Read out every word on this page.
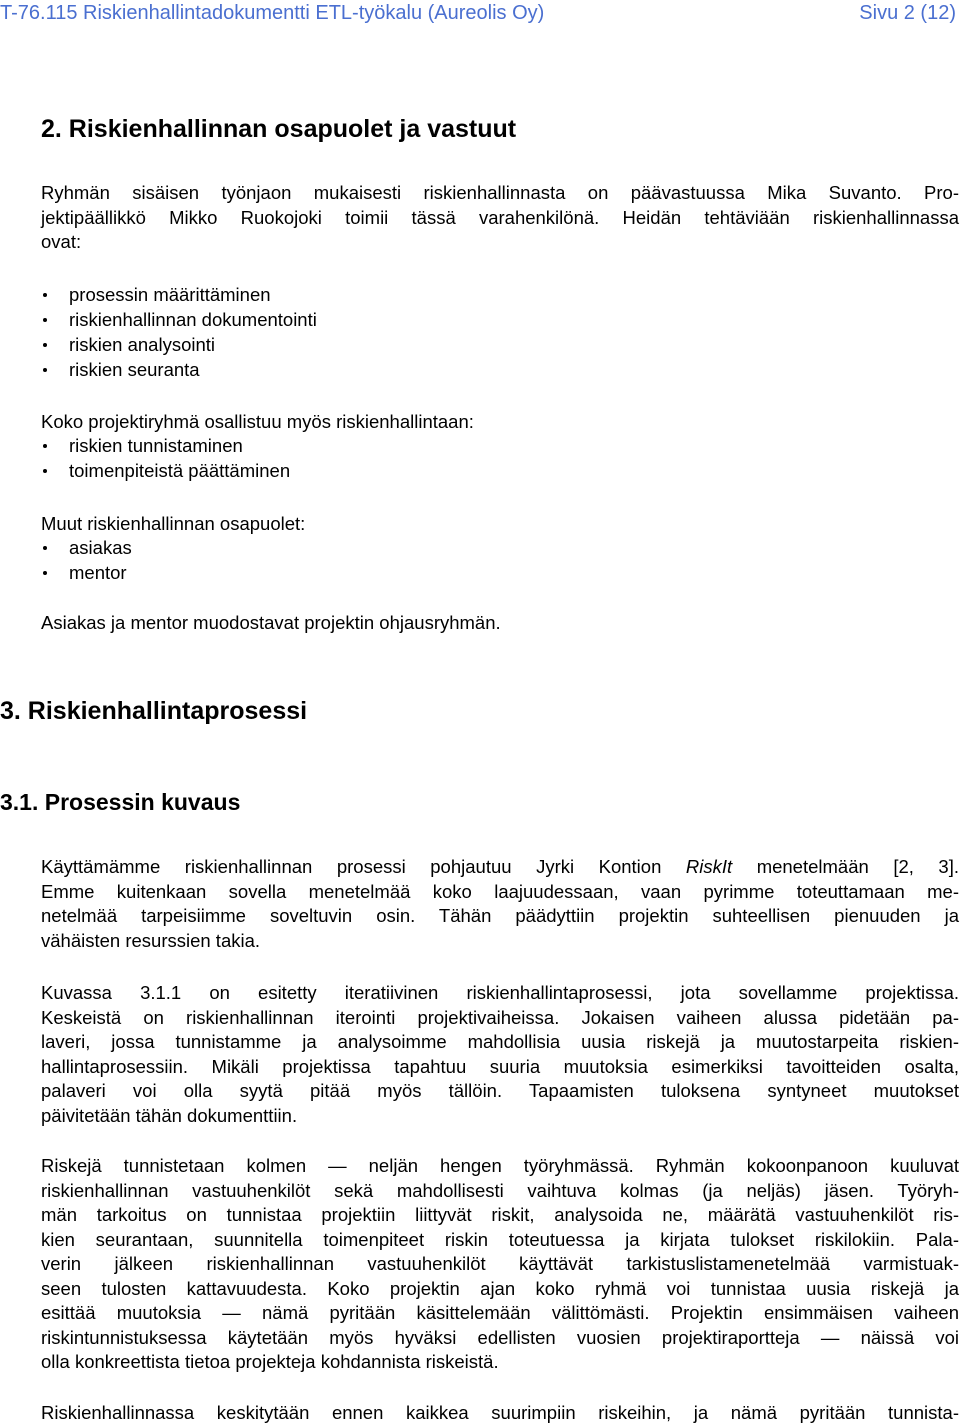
T-76.115 Riskienhallintadokumentti ETL-työkalu (Aureolis Oy)	Sivu 2 (12)
2. Riskienhallinnan osapuolet ja vastuut
Ryhmän sisäisen työnjaon mukaisesti riskienhallinnasta on päävastuussa Mika Suvanto. Pro-
jektipäällikkö Mikko Ruokojoki toimii tässä varahenkilönä. Heidän tehtäviään riskienhallinnassa
ovat:
prosessin määrittäminen
riskienhallinnan dokumentointi
riskien analysointi
riskien seuranta
Koko projektiryhmä osallistuu myös riskienhallintaan:
riskien tunnistaminen
toimenpiteistä päättäminen
Muut riskienhallinnan osapuolet:
asiakas
mentor
Asiakas ja mentor muodostavat projektin ohjausryhmän.
3. Riskienhallintaprosessi
3.1. Prosessin kuvaus
Käyttämämme riskienhallinnan prosessi pohjautuu Jyrki Kontion RiskIt menetelmään [2, 3].
Emme kuitenkaan sovella menetelmää koko laajuudessaan, vaan pyrimme toteuttamaan me-
netelmää tarpeisiimme soveltuvin osin. Tähän päädyttiin projektin suhteellisen pienuuden ja
vähäisten resurssien takia.
Kuvassa 3.1.1 on esitetty iteratiivinen riskienhallintaprosessi, jota sovellamme projektissa.
Keskeistä on riskienhallinnan iterointi projektivaiheissa. Jokaisen vaiheen alussa pidetään pa-
laveri, jossa tunnistamme ja analysoimme mahdollisia uusia riskejä ja muutostarpeita riskien-
hallintaprosessiin. Mikäli projektissa tapahtuu suuria muutoksia esimerkiksi tavoitteiden osalta,
palaveri voi olla syytä pitää myös tällöin. Tapaamisten tuloksena syntyneet muutokset
päivitetään tähän dokumenttiin.
Riskejä tunnistetaan kolmen — neljän hengen työryhmässä. Ryhmän kokoonpanoon kuuluvat
riskienhallinnan vastuuhenkilöt sekä mahdollisesti vaihtuva kolmas (ja neljäs) jäsen. Työryh-
män tarkoitus on tunnistaa projektiin liittyvät riskit, analysoida ne, määrätä vastuuhenkilöt ris-
kien seurantaan, suunnitella toimenpiteet riskin toteutuessa ja kirjata tulokset riskilokiin. Pala-
verin jälkeen riskienhallinnan vastuuhenkilöt käyttävät tarkistuslistamenetelmää varmistuak-
seen tulosten kattavuudesta. Koko projektin ajan koko ryhmä voi tunnistaa uusia riskejä ja
esittää muutoksia — nämä pyritään käsittelemään välittömästi. Projektin ensimmäisen vaiheen
riskintunnistuksessa käytetään myös hyväksi edellisten vuosien projektiraportteja — näissä voi
olla konkreettista tietoa projekteja kohdannista riskeistä.
Riskienhallinnassa keskitytään ennen kaikkea suurimpiin riskeihin, ja nämä pyritään tunnista-
